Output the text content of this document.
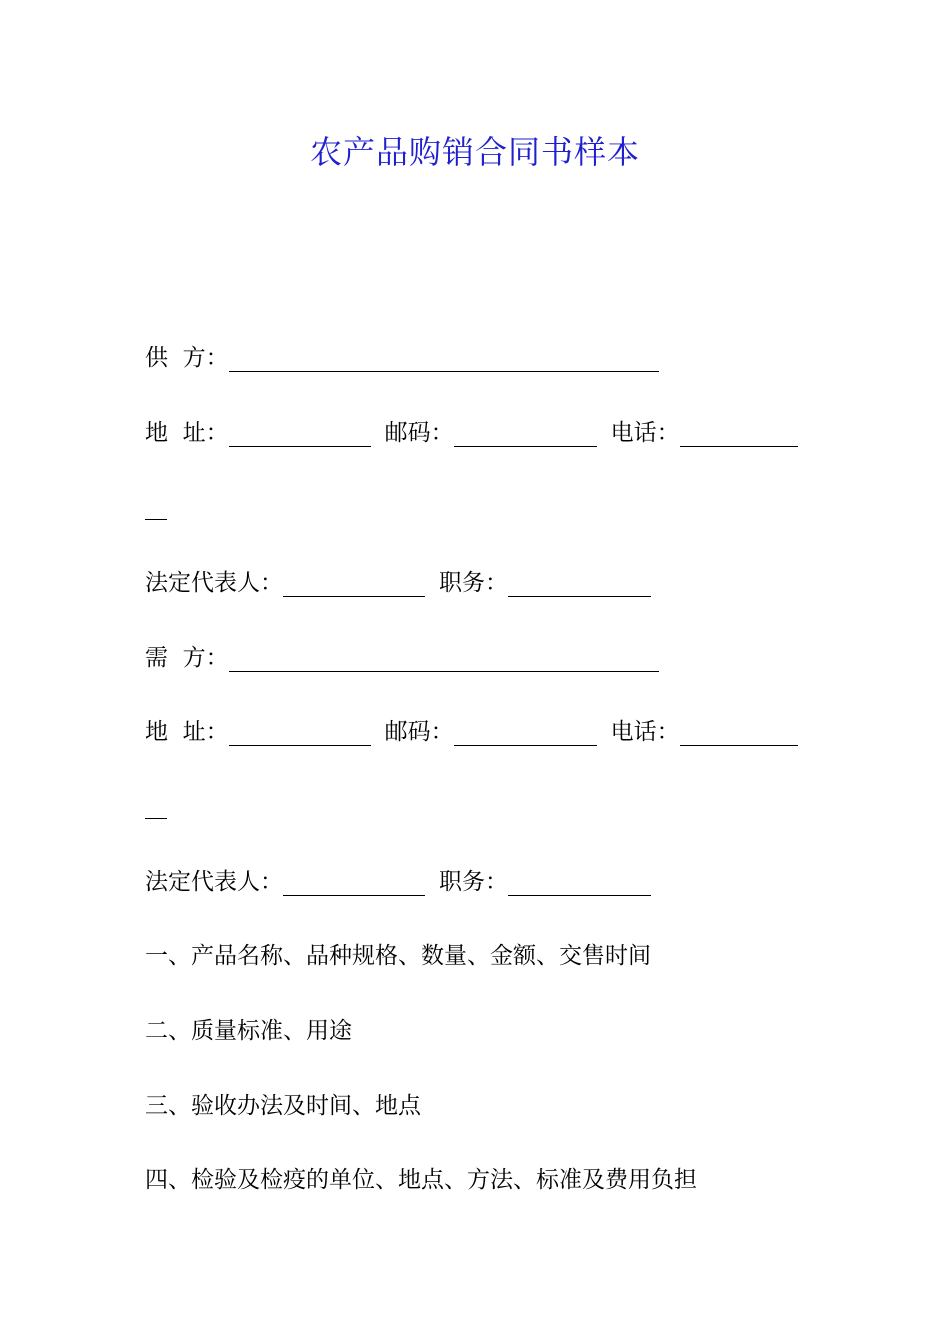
农产品购销合同书样本
供  方：
地  址：	邮码：	电话：
法定代表人：	职务：
需  方：
地  址：	邮码：	电话：
法定代表人：	职务：
一、产品名称、品种规格、数量、金额、交售时间
二、质量标准、用途
三、验收办法及时间、地点
四、检验及检疫的单位、地点、方法、标准及费用负担
